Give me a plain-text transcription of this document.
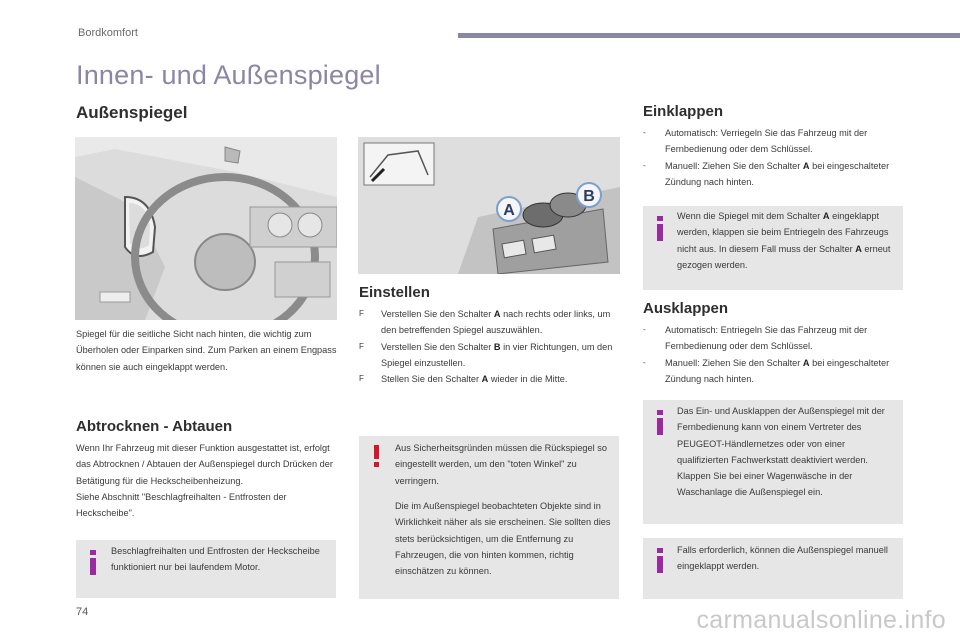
Bordkomfort
Innen- und Außenspiegel
Außenspiegel

Spiegel für die seitliche Sicht nach hinten, die wichtig zum Überholen oder Einparken sind. Zum Parken an einem Engpass können sie auch eingeklappt werden.

Abtrocknen - Abtauen

Wenn Ihr Fahrzeug mit dieser Funktion ausgestattet ist, erfolgt das Abtrocknen / Abtauen der Außenspiegel durch Drücken der Betätigung für die Heckscheibenheizung.
Siehe Abschnitt "Beschlagfreihalten - Entfrosten der Heckscheibe".

Beschlagfreihalten und Entfrosten der Heckscheibe funktioniert nur bei laufendem Motor.

A
B
Einstellen
F Verstellen Sie den Schalter A nach rechts oder links, um den betreffenden Spiegel auszuwählen.
F Verstellen Sie den Schalter B in vier Richtungen, um den Spiegel einzustellen.
F Stellen Sie den Schalter A wieder in die Mitte.

Aus Sicherheitsgründen müssen die Rückspiegel so eingestellt werden, um den "toten Winkel" zu verringern.

Die im Außenspiegel beobachteten Objekte sind in Wirklichkeit näher als sie erscheinen. Sie sollten dies stets berücksichtigen, um die Entfernung zu Fahrzeugen, die von hinten kommen, richtig einschätzen zu können.

Einklappen
- Automatisch: Verriegeln Sie das Fahrzeug mit der Fernbedienung oder dem Schlüssel.
- Manuell: Ziehen Sie den Schalter A bei eingeschalteter Zündung nach hinten.

Wenn die Spiegel mit dem Schalter A eingeklappt werden, klappen sie beim Entriegeln des Fahrzeugs nicht aus. In diesem Fall muss der Schalter A erneut gezogen werden.

Ausklappen
- Automatisch: Entriegeln Sie das Fahrzeug mit der Fernbedienung oder dem Schlüssel.
- Manuell: Ziehen Sie den Schalter A bei eingeschalteter Zündung nach hinten.

Das Ein- und Ausklappen der Außenspiegel mit der Fernbedienung kann von einem Vertreter des PEUGEOT-Händlernetzes oder von einer qualifizierten Fachwerkstatt deaktiviert werden.
Klappen Sie bei einer Wagenwäsche in der Waschanlage die Außenspiegel ein.

Falls erforderlich, können die Außenspiegel manuell eingeklappt werden.

74	carmanualsonline.info
